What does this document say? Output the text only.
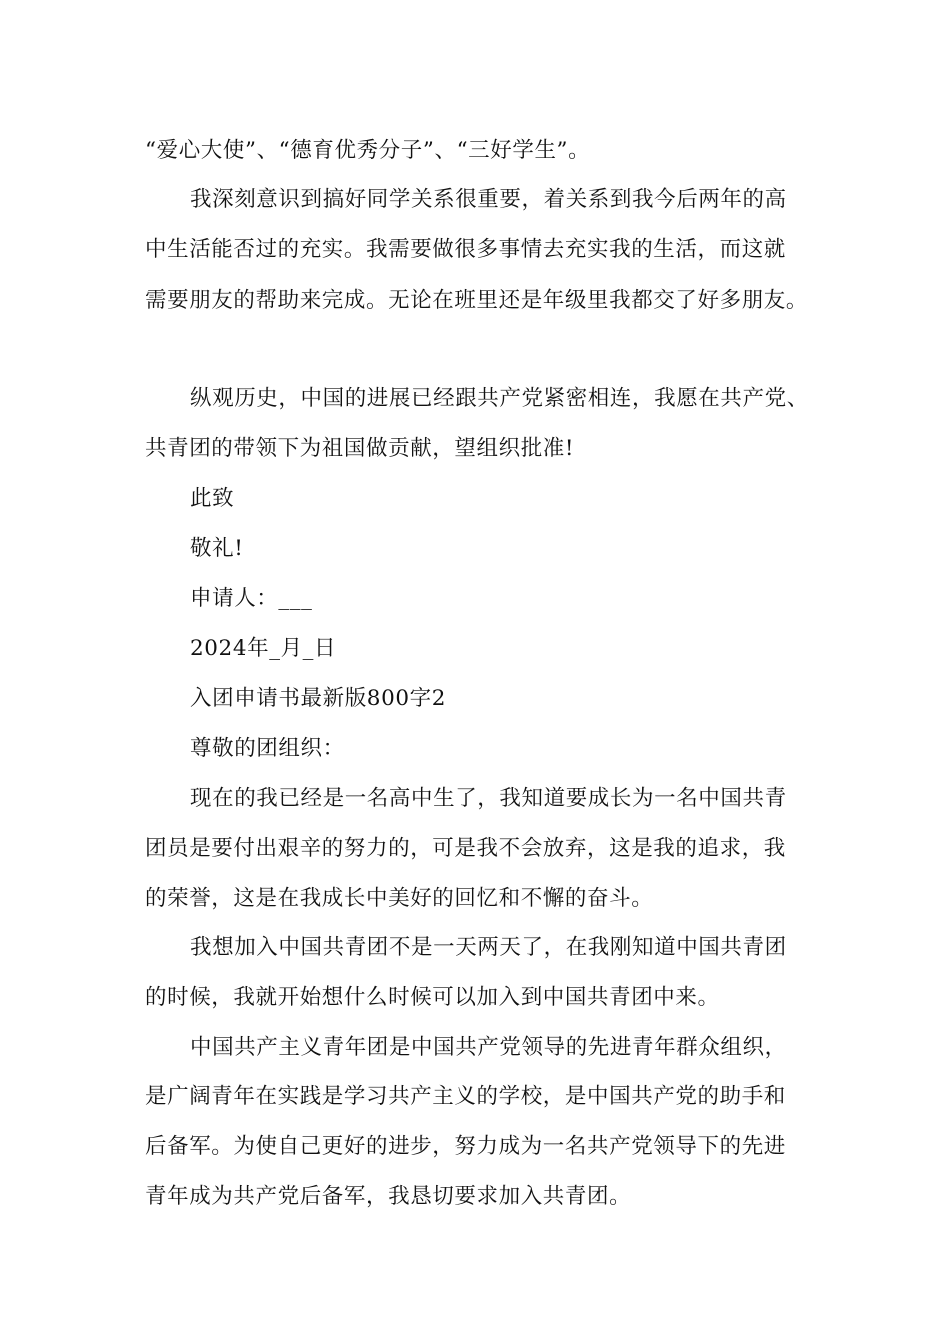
“爱心大使”、“德育优秀分子”、“三好学生”。
我深刻意识到搞好同学关系很重要，着关系到我今后两年的高
中生活能否过的充实。我需要做很多事情去充实我的生活，而这就
需要朋友的帮助来完成。无论在班里还是年级里我都交了好多朋友。
纵观历史，中国的进展已经跟共产党紧密相连，我愿在共产党、
共青团的带领下为祖国做贡献，望组织批准!
此致
敬礼!
申请人：___
2024年_月_日
入团申请书最新版800字2
尊敬的团组织：
现在的我已经是一名高中生了，我知道要成长为一名中国共青
团员是要付出艰辛的努力的，可是我不会放弃，这是我的追求，我
的荣誉，这是在我成长中美好的回忆和不懈的奋斗。
我想加入中国共青团不是一天两天了，在我刚知道中国共青团
的时候，我就开始想什么时候可以加入到中国共青团中来。
中国共产主义青年团是中国共产党领导的先进青年群众组织，
是广阔青年在实践是学习共产主义的学校，是中国共产党的助手和
后备军。为使自己更好的进步，努力成为一名共产党领导下的先进
青年成为共产党后备军，我恳切要求加入共青团。
